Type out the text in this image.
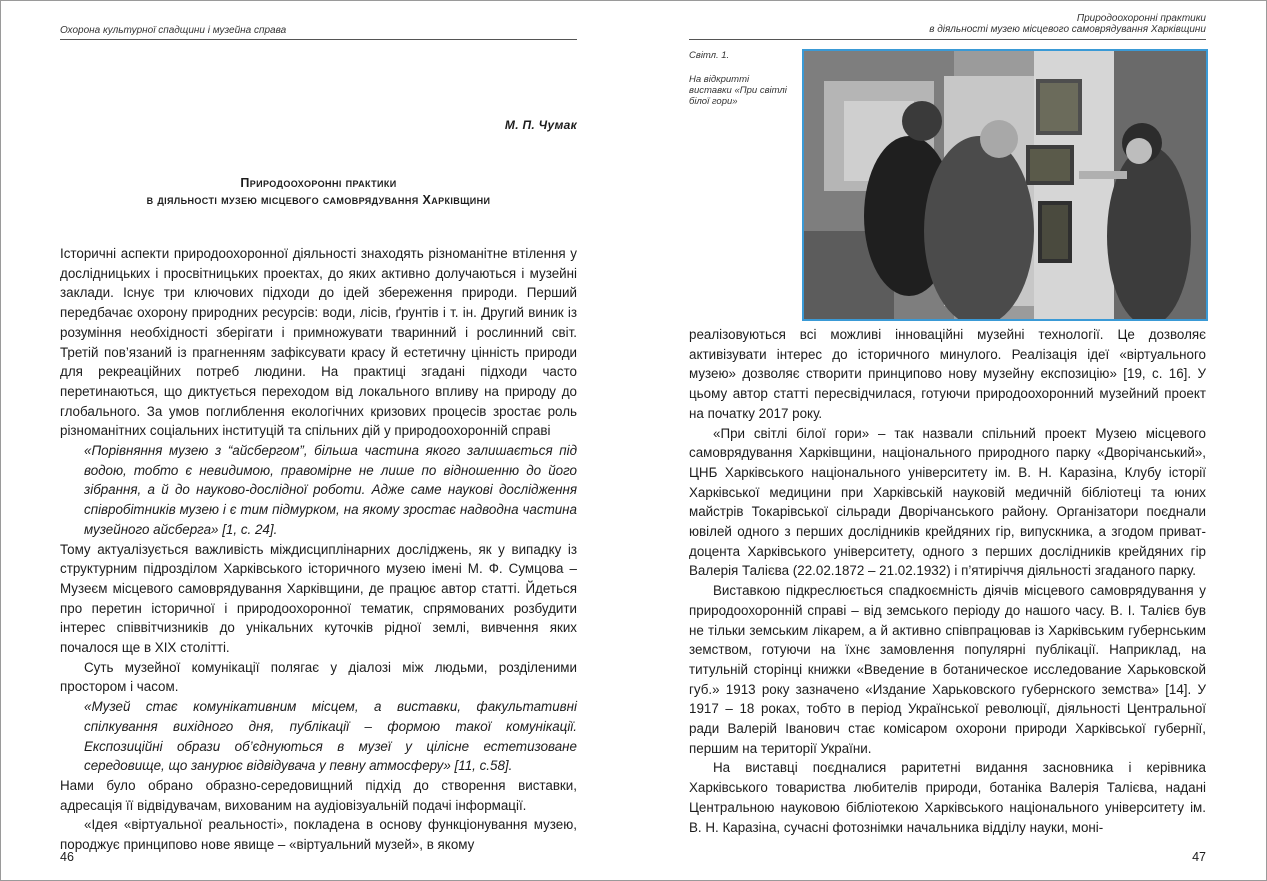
Охорона культурної спадщини і музейна справа
М. П. Чумак
Природоохоронні практики
в діяльності музею місцевого самоврядування Харківщини

Історичні аспекти природоохоронної діяльності знаходять різноманітне втілення у дослідницьких і просвітницьких проектах, до яких активно долучаються і музейні заклади. Існує три ключових підходи до ідей збереження природи. Перший передбачає охорону природних ресурсів: води, лісів, ґрунтів і т. ін. Другий виник із розуміння необхідності зберігати і примножувати тваринний і рослинний світ. Третій пов’язаний із прагненням зафіксувати красу й естетичну цінність природи для рекреаційних потреб людини. На практиці згадані підходи часто перетинаються, що диктується переходом від локального впливу на природу до глобального. За умов поглиблення екологічних кризових процесів зростає роль різноманітних соціальних інституцій та спільних дій у природоохоронній справі

«Порівняння музею з “айсбергом”, більша частина якого залишається під водою, тобто є невидимою, правомірне не лише по відношенню до його зібрання, а й до науково-дослідної роботи. Адже саме наукові дослідження співробітників музею і є тим підмурком, на якому зростає надводна частина музейного айсберга» [1, с. 24].

Тому актуалізується важливість міждисциплінарних досліджень, як у випадку із структурним підрозділом Харківського історичного музею імені М. Ф. Сумцова – Музеєм місцевого самоврядування Харківщини, де працює автор статті. Йдеться про перетин історичної і природоохоронної тематик, спрямованих розбудити інтерес співвітчизників до унікальних куточків рідної землі, вивчення яких почалося ще в XIX столітті.

Суть музейної комунікації полягає у діалозі між людьми, розділеними простором і часом.

«Музей стає комунікативним місцем, а виставки, факультативні спілкування вихідного дня, публікації – формою такої комунікації. Експозиційні образи об’єднуються в музеї у цілісне естетизоване середовище, що занурює відвідувача у певну атмосферу» [11, с.58].

Нами було обрано образно-середовищний підхід до створення виставки, адресація її відвідувачам, вихованим на аудіовізуальній подачі інформації.

«Ідея «віртуальної реальності», покладена в основу функціонування музею, породжує принципово нове явище – «віртуальний музей», в якому

46
Природоохоронні практики
в діяльності музею місцевого самоврядування Харківщини
Світл. 1.
На відкритті виставки «При світлі білої гори»

реалізовуються всі можливі інноваційні музейні технології. Це дозволяє активізувати інтерес до історичного минулого. Реалізація ідеї «віртуального музею» дозволяє створити принципово нову музейну експозицію» [19, с. 16]. У цьому автор статті пересвідчилася, готуючи природоохоронний музейний проект на початку 2017 року.

«При світлі білої гори» – так назвали спільний проект Музею місцевого самоврядування Харківщини, національного природного парку «Дворічанський», ЦНБ Харківського національного університету ім. В. Н. Каразіна, Клубу історії Харківської медицини при Харківській науковій медичній бібліотеці та юних майстрів Токарівської сільради Дворічанського району. Організатори поєднали ювілей одного з перших дослідників крейдяних гір, випускника, а згодом приват-доцента Харківського університету, одного з перших дослідників крейдяних гір Валерія Талієва (22.02.1872 – 21.02.1932) і п’ятиріччя діяльності згаданого парку.

Виставкою підкреслюється спадкоємність діячів місцевого самоврядування у природоохоронній справі – від земського періоду до нашого часу. В. І. Талієв був не тільки земським лікарем, а й активно співпрацював із Харківським губернським земством, готуючи на їхнє замовлення популярні публікації. Наприклад, на титульній сторінці книжки «Введение в ботаническое исследование Харьковской губ.» 1913 року зазначено «Издание Харьковского губернского земства» [14]. У 1917 – 18 роках, тобто в період Української революції, діяльності Центральної ради Валерій Іванович стає комісаром охорони природи Харківської губернії, першим на території України.

На виставці поєдналися раритетні видання засновника і керівника Харківського товариства любителів природи, ботаніка Валерія Талієва, надані Центральною науковою бібліотекою Харківського національного університету ім. В. Н. Каразіна, сучасні фотознімки начальника відділу науки, моні-

47
